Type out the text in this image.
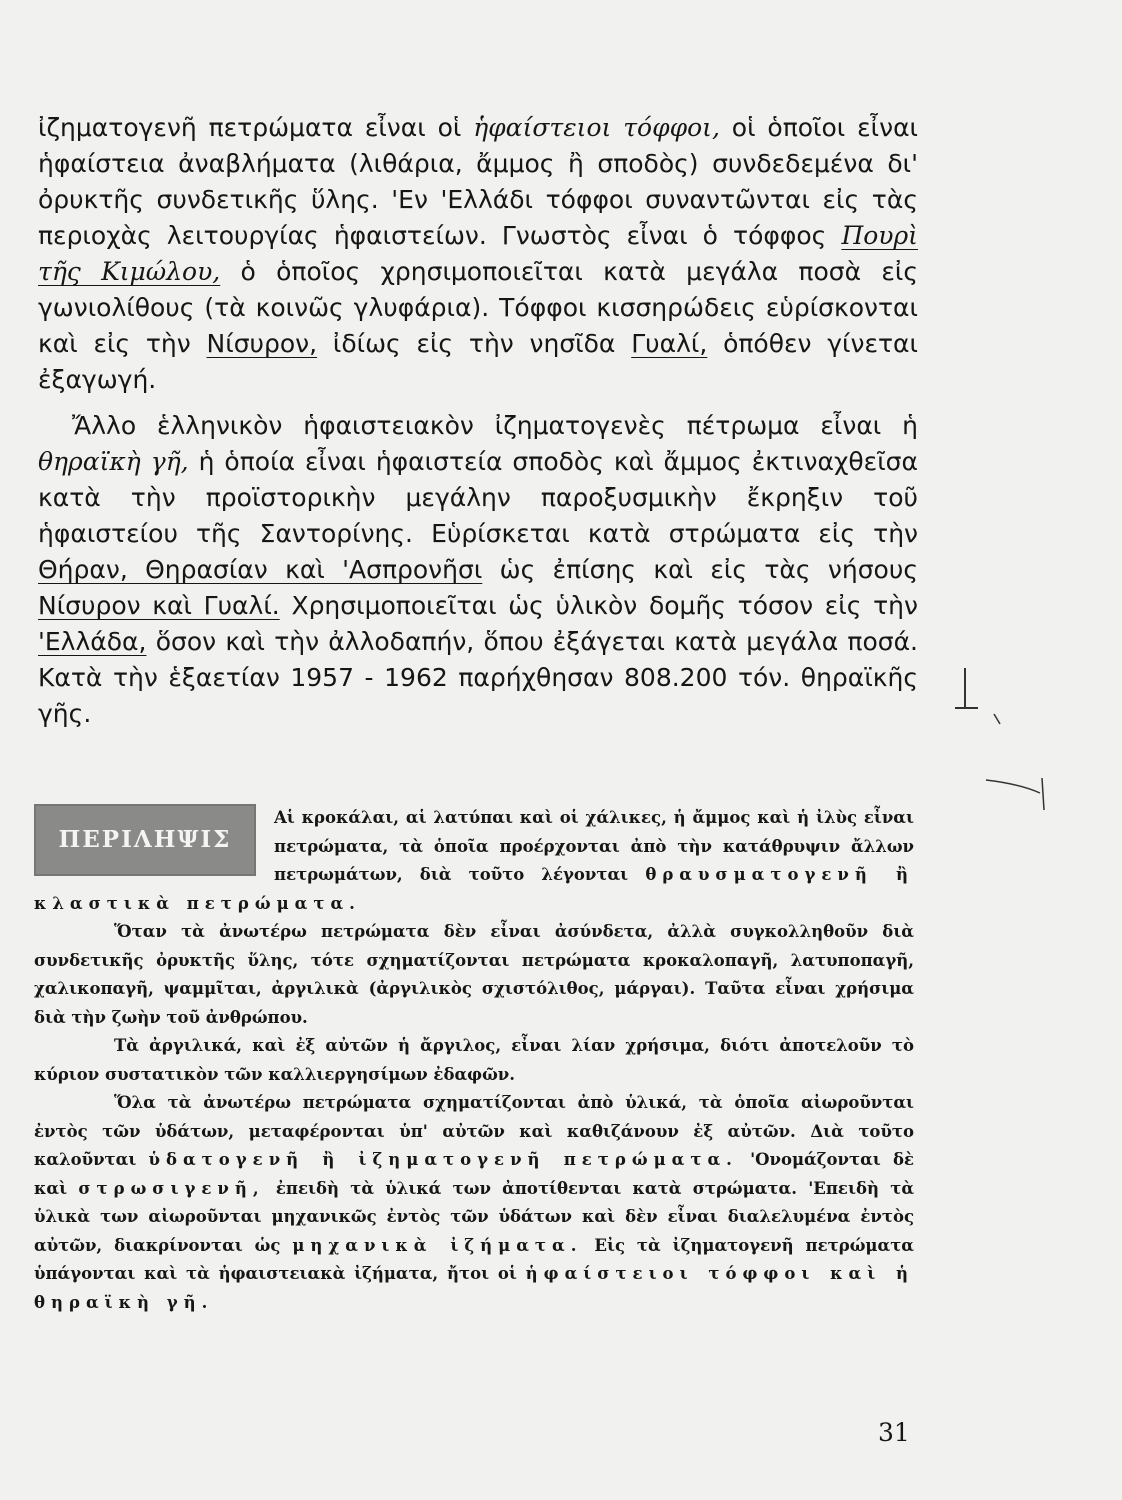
ἰζηματογενῆ πετρώματα εἶναι οἱ ἡφαίστειοι τόφφοι, οἱ ὁποῖοι εἶναι ἡφαίστεια ἀναβλήματα (λιθάρια, ἄμμος ἢ σποδὸς) συνδεδεμένα δι' ὀρυκτῆς συνδετικῆς ὕλης. 'Εν 'Ελλάδι τόφφοι συναντῶνται εἰς τὰς περιοχὰς λειτουργίας ἡφαιστείων. Γνωστὸς εἶναι ὁ τόφφος Πουρὶ τῆς Κιμώλου, ὁ ὁποῖος χρησιμοποιεῖται κατὰ μεγάλα ποσὰ εἰς γωνιολίθους (τὰ κοινῶς γλυφάρια). Τόφφοι κισσηρώδεις εὑρίσκονται καὶ εἰς τὴν Νίσυρον, ἰδίως εἰς τὴν νησῖδα Γυαλί, ὁπόθεν γίνεται ἐξαγωγή.

Ἄλλο ἑλληνικὸν ἡφαιστειακὸν ἰζηματογενὲς πέτρωμα εἶναι ἡ θηραϊκὴ γῆ, ἡ ὁποία εἶναι ἡφαιστεία σποδὸς καὶ ἄμμος ἐκτιναχθεῖσα κατὰ τὴν προϊστορικὴν μεγάλην παροξυσμικὴν ἔκρηξιν τοῦ ἡφαιστείου τῆς Σαντορίνης. Εὑρίσκεται κατὰ στρώματα εἰς τὴν Θήραν, Θηρασίαν καὶ 'Ασπρονῆσι ὡς ἐπίσης καὶ εἰς τὰς νήσους Νίσυρον καὶ Γυαλί. Χρησιμοποιεῖται ὡς ὑλικὸν δομῆς τόσον εἰς τὴν 'Ελλάδα, ὅσον καὶ τὴν ἀλλοδαπήν, ὅπου ἐξάγεται κατὰ μεγάλα ποσά. Κατὰ τὴν ἑξαετίαν 1957 - 1962 παρήχθησαν 808.200 τόν. θηραϊκῆς γῆς.

ΠΕΡΙΛΗΨΙΣ

Αἱ κροκάλαι, αἱ λατύπαι καὶ οἱ χάλικες, ἡ ἄμμος καὶ ἡ ἰλὺς εἶναι πετρώματα, τὰ ὁποῖα προέρχονται ἀπὸ τὴν κατάθρυψιν ἄλλων πετρωμάτων, διὰ τοῦτο λέγονται θραυσματογενῆ ἢ κλαστικὰ πετρώματα.

Ὅταν τὰ ἀνωτέρω πετρώματα δὲν εἶναι ἀσύνδετα, ἀλλὰ συγκολληθοῦν διὰ συνδετικῆς ὀρυκτῆς ὕλης, τότε σχηματίζονται πετρώματα κροκαλοπαγῆ, λατυποπαγῆ, χαλικοπαγῆ, ψαμμῖται, ἀργιλικὰ (ἀργιλικὸς σχιστόλιθος, μάργαι). Ταῦτα εἶναι χρήσιμα διὰ τὴν ζωὴν τοῦ ἀνθρώπου.

Τὰ ἀργιλικά, καὶ ἐξ αὐτῶν ἡ ἄργιλος, εἶναι λίαν χρήσιμα, διότι ἀποτελοῦν τὸ κύριον συστατικὸν τῶν καλλιεργησίμων ἐδαφῶν.

Ὅλα τὰ ἀνωτέρω πετρώματα σχηματίζονται ἀπὸ ὑλικά, τὰ ὁποῖα αἰωροῦνται ἐντὸς τῶν ὑδάτων, μεταφέρονται ὑπ' αὐτῶν καὶ καθιζάνουν ἐξ αὐτῶν. Διὰ τοῦτο καλοῦνται ὑδατογενῆ ἢ ἰζηματογενῆ πετρώματα. 'Ονομάζονται δὲ καὶ στρωσιγενῆ, ἐπειδὴ τὰ ὑλικά των ἀποτίθενται κατὰ στρώματα. 'Επειδὴ τὰ ὑλικὰ των αἰωροῦνται μηχανικῶς ἐντὸς τῶν ὑδάτων καὶ δὲν εἶναι διαλελυμένα ἐντὸς αὐτῶν, διακρίνονται ὡς μηχανικὰ ἰζήματα. Εἰς τὰ ἰζηματογενῆ πετρώματα ὑπάγονται καὶ τὰ ἡφαιστειακὰ ἰζήματα, ἤτοι οἱ ἡφαίστειοι τόφφοι καὶ ἡ θηραϊκὴ γῆ.

31
